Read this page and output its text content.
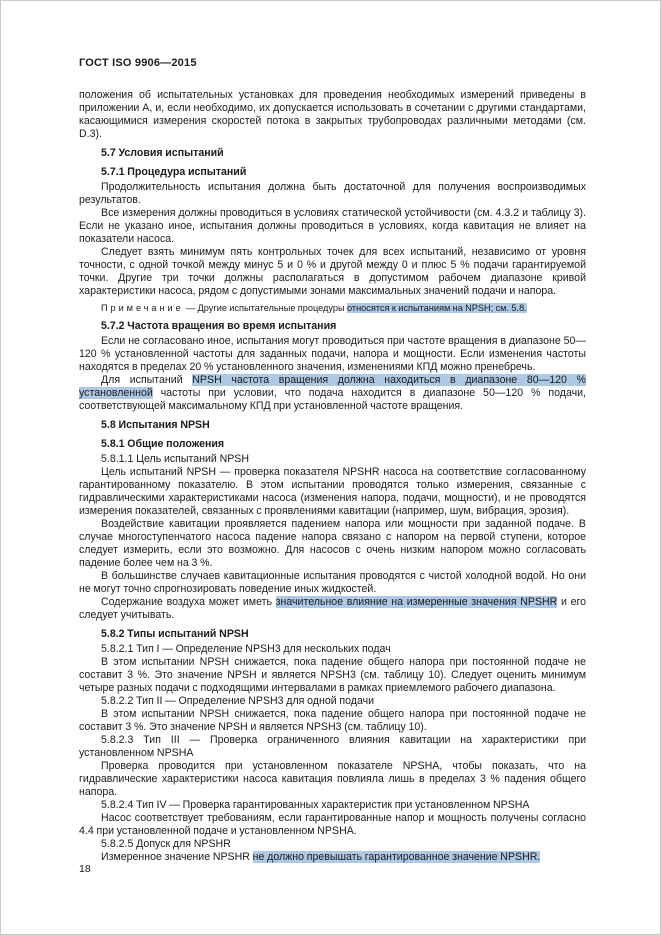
ГОСТ ISO 9906—2015

положения об испытательных установках для проведения необходимых измерений приведены в приложении А, и, если необходимо, их допускается использовать в сочетании с другими стандартами, касающимися измерения скоростей потока в закрытых трубопроводах различными методами (см. D.3).

5.7 Условия испытаний

5.7.1 Процедура испытаний

Продолжительность испытания должна быть достаточной для получения воспроизводимых результатов.

Все измерения должны проводиться в условиях статической устойчивости (см. 4.3.2 и таблицу 3). Если не указано иное, испытания должны проводиться в условиях, когда кавитация не влияет на показатели насоса.

Следует взять минимум пять контрольных точек для всех испытаний, независимо от уровня точности, с одной точкой между минус 5 и 0 % и другой между 0 и плюс 5 % подачи гарантируемой точки. Другие три точки должны располагаться в допустимом рабочем диапазоне кривой характеристики насоса, рядом с допустимыми зонами максимальных значений подачи и напора.

Примечание — Другие испытательные процедуры относятся к испытаниям на NPSH; см. 5.8.

5.7.2 Частота вращения во время испытания

Если не согласовано иное, испытания могут проводиться при частоте вращения в диапазоне 50—120 % установленной частоты для заданных подачи, напора и мощности. Если изменения частоты находятся в пределах 20 % установленного значения, изменениями КПД можно пренебречь.

Для испытаний NPSH частота вращения должна находиться в диапазоне 80—120 % установленной частоты при условии, что подача находится в диапазоне 50—120 % подачи, соответствующей максимальному КПД при установленной частоте вращения.

5.8 Испытания NPSH

5.8.1 Общие положения

5.8.1.1 Цель испытаний NPSH

Цель испытаний NPSH — проверка показателя NPSHR насоса на соответствие согласованному гарантированному показателю. В этом испытании проводятся только измерения, связанные с гидравлическими характеристиками насоса (изменения напора, подачи, мощности), и не проводятся измерения показателей, связанных с проявлениями кавитации (например, шум, вибрация, эрозия).

Воздействие кавитации проявляется падением напора или мощности при заданной подаче. В случае многоступенчатого насоса падение напора связано с напором на первой ступени, которое следует измерить, если это возможно. Для насосов с очень низким напором можно согласовать падение более чем на 3 %.

В большинстве случаев кавитационные испытания проводятся с чистой холодной водой. Но они не могут точно спрогнозировать поведение иных жидкостей.

Содержание воздуха может иметь значительное влияние на измеренные значения NPSHR и его следует учитывать.

5.8.2 Типы испытаний NPSH

5.8.2.1 Тип I — Определение NPSH3 для нескольких подач

В этом испытании NPSH снижается, пока падение общего напора при постоянной подаче не составит 3 %. Это значение NPSH и является NPSH3 (см. таблицу 10). Следует оценить минимум четыре разных подачи с подходящими интервалами в рамках приемлемого рабочего диапазона.

5.8.2.2 Тип II — Определение NPSH3 для одной подачи

В этом испытании NPSH снижается, пока падение общего напора при постоянной подаче не составит 3 %. Это значение NPSH и является NPSH3 (см. таблицу 10).

5.8.2.3 Тип III — Проверка ограниченного влияния кавитации на характеристики при установленном NPSHA

Проверка проводится при установленном показателе NPSHA, чтобы показать, что на гидравлические характеристики насоса кавитация повлияла лишь в пределах 3 % падения общего напора.

5.8.2.4 Тип IV — Проверка гарантированных характеристик при установленном NPSHA

Насос соответствует требованиям, если гарантированные напор и мощность получены согласно 4.4 при установленной подаче и установленном NPSHA.

5.8.2.5 Допуск для NPSHR

Измеренное значение NPSHR не должно превышать гарантированное значение NPSHR.

18
